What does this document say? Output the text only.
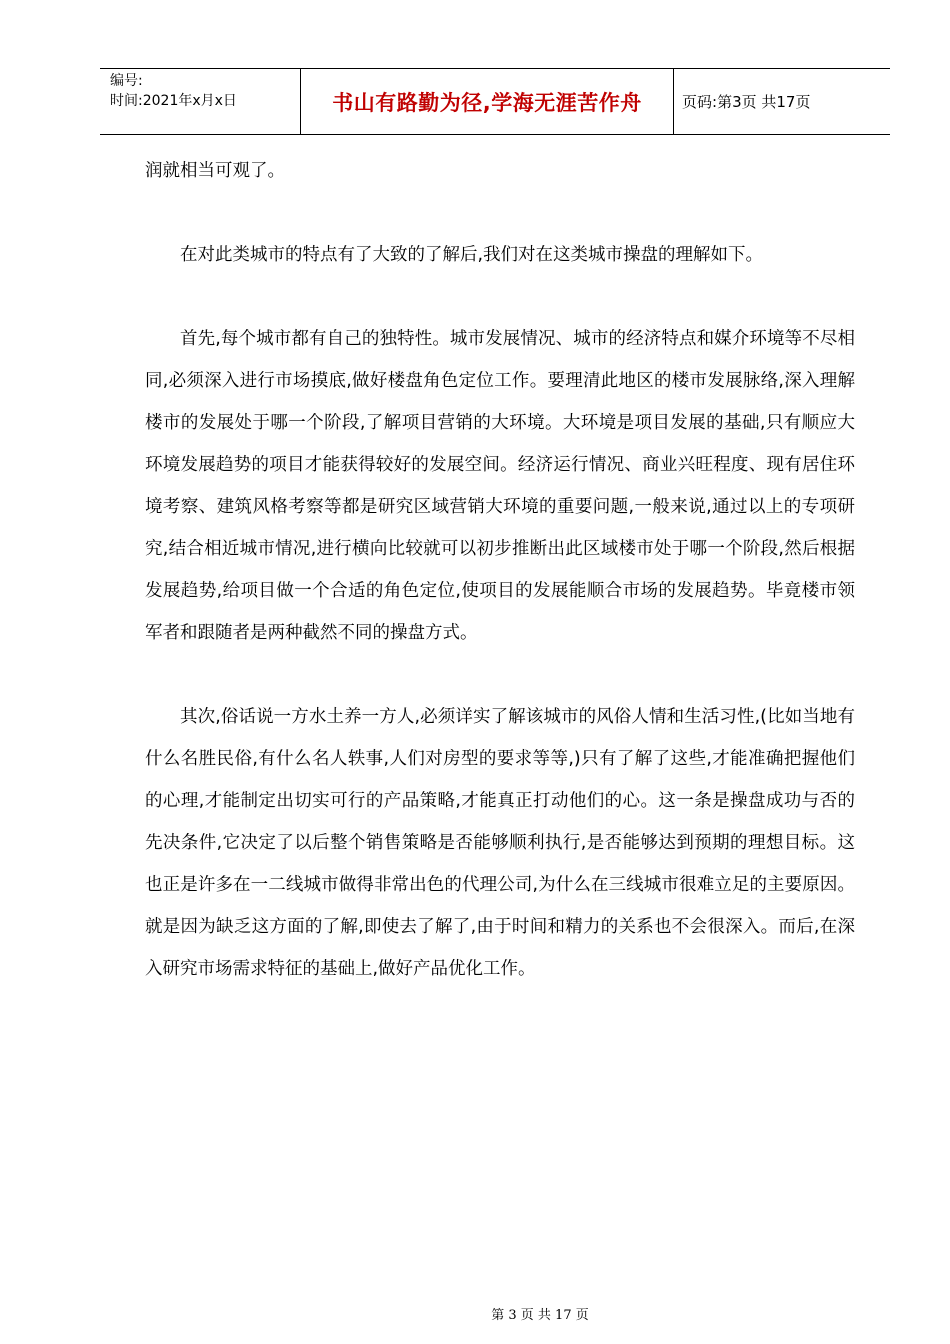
编号:
时间:2021年x月x日	书山有路勤为径,学海无涯苦作舟	页码: 第3页
共17页

润就相当可观了。

在对此类城市的特点有了大致的了解后,我们对在这类城市操盘的理解如下。

首先,每个城市都有自己的独特性。城市发展情况、城市的经济特点和媒介环境等不尽相同,必须深入进行市场摸底,做好楼盘角色定位工作。要理清此地区的楼市发展脉络,深入理解楼市的发展处于哪一个阶段,了解项目营销的大环境。大环境是项目发展的基础,只有顺应大环境发展趋势的项目才能获得较好的发展空间。经济运行情况、商业兴旺程度、现有居住环境考察、建筑风格考察等都是研究区域营销大环境的重要问题,一般来说,通过以上的专项研究,结合相近城市情况,进行横向比较就可以初步推断出此区域楼市处于哪一个阶段,然后根据发展趋势,给项目做一个合适的角色定位,使项目的发展能顺合市场的发展趋势。毕竟楼市领军者和跟随者是两种截然不同的操盘方式。

其次,俗话说一方水土养一方人,必须详实了解该城市的风俗人情和生活习性,(比如当地有什么名胜民俗,有什么名人轶事,人们对房型的要求等等,)只有了解了这些,才能准确把握他们的心理,才能制定出切实可行的产品策略,才能真正打动他们的心。这一条是操盘成功与否的先决条件,它决定了以后整个销售策略是否能够顺利执行,是否能够达到预期的理想目标。这也正是许多在一二线城市做得非常出色的代理公司,为什么在三线城市很难立足的主要原因。就是因为缺乏这方面的了解,即使去了解了,由于时间和精力的关系也不会很深入。而后,在深入研究市场需求特征的基础上,做好产品优化工作。

第 3 页 共 17 页
